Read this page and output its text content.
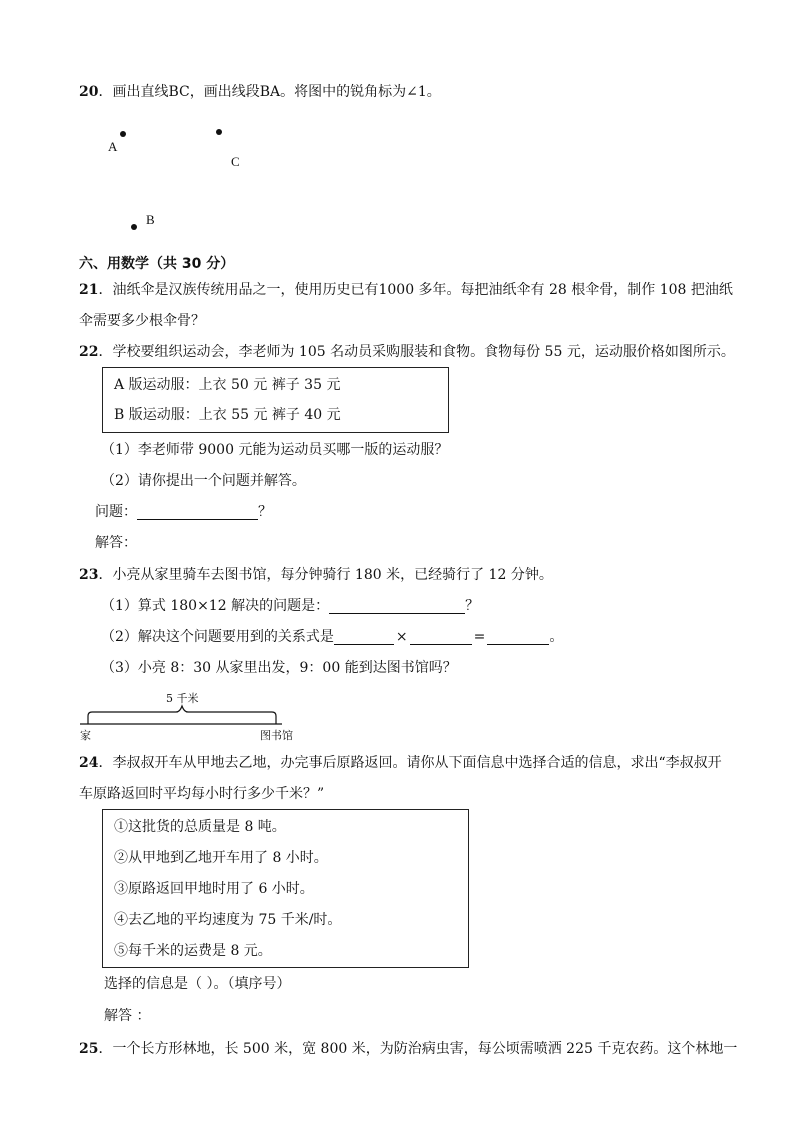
20．画出直线BC，画出线段BA。将图中的锐角标为∠1。
A
C
B
六、用数学（共 30 分）
21．油纸伞是汉族传统用品之一，使用历史已有1000 多年。每把油纸伞有 28 根伞骨，制作 108 把油纸
伞需要多少根伞骨？
22．学校要组织运动会，李老师为 105 名动员采购服装和食物。食物每份 55 元，运动服价格如图所示。
A 版运动服：上衣 50 元 裤子 35 元
B 版运动服：上衣 55 元 裤子 40 元
（1）李老师带 9000 元能为运动员买哪一版的运动服？
（2）请你提出一个问题并解答。
问题：	？
解答：
23．小亮从家里骑车去图书馆，每分钟骑行 180 米，已经骑行了 12 分钟。
（1）算式 180×12 解决的问题是：	？
（2）解决这个问题要用到的关系式是	×	=	。
（3）小亮 8：30 从家里出发，9：00 能到达图书馆吗？
5 千米
家	图书馆
24．李叔叔开车从甲地去乙地，办完事后原路返回。请你从下面信息中选择合适的信息，求出“李叔叔开
车原路返回时平均每小时行多少千米？”
①这批货的总质量是 8 吨。
②从甲地到乙地开车用了 8 小时。
③原路返回甲地时用了 6 小时。
④去乙地的平均速度为 75 千米/时。
⑤每千米的运费是 8 元。
选择的信息是（ ）。（填序号）
解答 ：
25．一个长方形林地，长 500 米，宽 800 米，为防治病虫害，每公顷需喷洒 225 千克农药。这个林地一
